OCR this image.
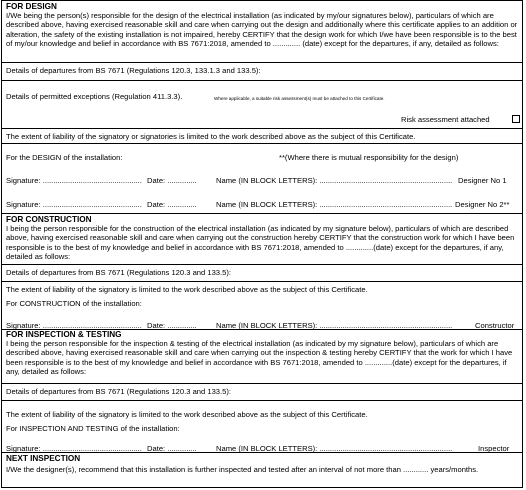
FOR DESIGN
I/We being the person(s) responsible for the design of the electrical installation (as indicated by my/our signatures below), particulars of which are described above, having exercised reasonable skill and care when carrying out the design and additionally where this certificate applies to an addition or alteration, the safety of the existing installation is not impaired, hereby CERTIFY that the design work for which I/we have been responsible is to the best of my/our knowledge and belief in accordance with BS 7671:2018, amended to ............. (date) except for the departures, if any, detailed as follows:
Details of departures from BS 7671 (Regulations 120.3, 133.1.3 and 133.5):
Details of permitted exceptions (Regulation 411.3.3).	Where applicable, a suitable risk assessment(s) must be attached to this Certificate.
Risk assessment attached
The extent of liability of the signatory or signatories is limited to the work described above as the subject of this Certificate.
For the DESIGN of the installation:	**(Where there is mutual responsibility for the design)
Signature: ............................................... Date: ..............	Name (IN BLOCK LETTERS): ............................................................... Designer No 1
Signature: ............................................... Date: ..............	Name (IN BLOCK LETTERS): ............................................................... Designer No 2**
FOR CONSTRUCTION
I being the person responsible for the construction of the electrical installation (as indicated by my signature below), particulars of which are described above, having exercised reasonable skill and care when carrying out the construction hereby CERTIFY that the construction work for which I have been responsible is to the best of my knowledge and belief in accordance with BS 7671:2018, amended to .............(date) except for the departures, if any, detailed as follows:
Details of departures from BS 7671 (Regulations 120.3 and 133.5):
The extent of liability of the signatory is limited to the work described above as the subject of this Certificate.
For CONSTRUCTION of the installation:
Signature: ............................................... Date: ..............	Name (IN BLOCK LETTERS): ...............................................................	Constructor
FOR INSPECTION & TESTING
I being the person responsible for the inspection & testing of the electrical installation (as indicated by my signature below), particulars of which are described above, having exercised reasonable skill and care when carrying out the inspection & testing hereby CERTIFY that the work for which I have been responsible is to the best of my knowledge and belief in accordance with BS 7671:2018, amended to .............(date) except for the departures, if any, detailed as follows:
Details of departures from BS 7671 (Regulations 120.3 and 133.5):
The extent of liability of the signatory is limited to the work described above as the subject of this Certificate.
For INSPECTION AND TESTING of the installation:
Signature: ............................................... Date: ..............	Name (IN BLOCK LETTERS): ...............................................................	Inspector
NEXT INSPECTION
I/We the designer(s), recommend that this installation is further inspected and tested after an interval of not more than ............ years/months.
